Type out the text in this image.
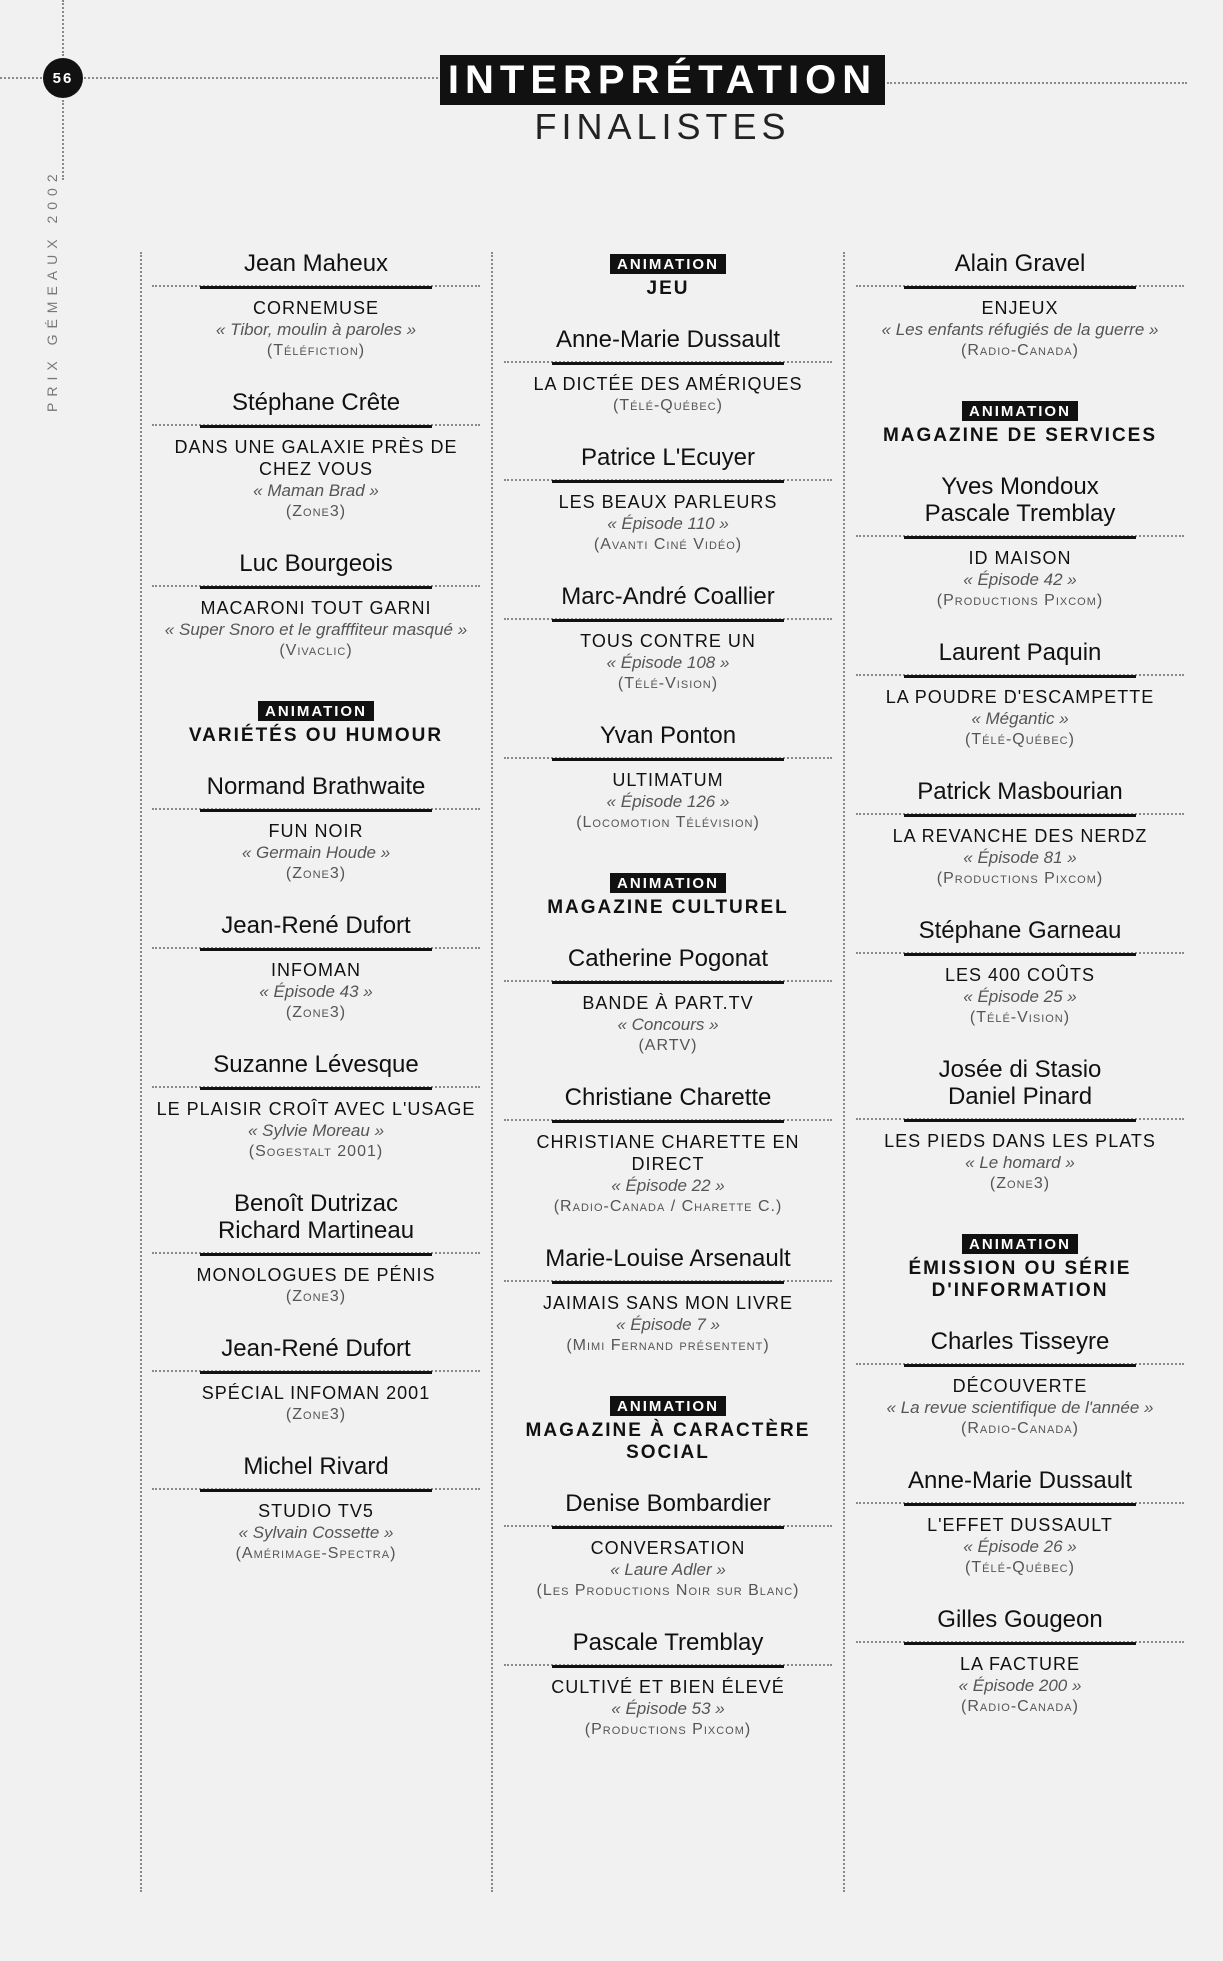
56
PRIX GÉMEAUX 2002
INTERPRÉTATION
FINALISTES
Jean Maheux
CORNEMUSE
« Tibor, moulin à paroles »
(Téléfiction)
Stéphane Crête
DANS UNE GALAXIE PRÈS DE CHEZ VOUS
« Maman Brad »
(Zone3)
Luc Bourgeois
MACARONI TOUT GARNI
« Super Snoro et le grafffiteur masqué »
(Vivaclic)
ANIMATION
VARIÉTÉS OU HUMOUR
Normand Brathwaite
FUN NOIR
« Germain Houde »
(Zone3)
Jean-René Dufort
INFOMAN
« Épisode 43 »
(Zone3)
Suzanne Lévesque
LE PLAISIR CROÎT AVEC L'USAGE
« Sylvie Moreau »
(Sogestalt 2001)
Benoît Dutrizac
Richard Martineau
MONOLOGUES DE PÉNIS
(Zone3)
Jean-René Dufort
SPÉCIAL INFOMAN 2001
(Zone3)
Michel Rivard
STUDIO TV5
« Sylvain Cossette »
(Amérimage-Spectra)
ANIMATION
JEU
Anne-Marie Dussault
LA DICTÉE DES AMÉRIQUES
(Télé-Québec)
Patrice L'Ecuyer
LES BEAUX PARLEURS
« Épisode 110 »
(Avanti Ciné Vidéo)
Marc-André Coallier
TOUS CONTRE UN
« Épisode 108 »
(Télé-Vision)
Yvan Ponton
ULTIMATUM
« Épisode 126 »
(Locomotion Télévision)
ANIMATION
MAGAZINE CULTUREL
Catherine Pogonat
BANDE À PART.TV
« Concours »
(ARTV)
Christiane Charette
CHRISTIANE CHARETTE EN DIRECT
« Épisode 22 »
(Radio-Canada / Charette C.)
Marie-Louise Arsenault
JAIMAIS SANS MON LIVRE
« Épisode 7 »
(Mimi Fernand présentent)
ANIMATION
MAGAZINE À CARACTÈRE SOCIAL
Denise Bombardier
CONVERSATION
« Laure Adler »
(Les Productions Noir sur Blanc)
Pascale Tremblay
CULTIVÉ ET BIEN ÉLEVÉ
« Épisode 53 »
(Productions Pixcom)
Alain Gravel
ENJEUX
« Les enfants réfugiés de la guerre »
(Radio-Canada)
ANIMATION
MAGAZINE DE SERVICES
Yves Mondoux
Pascale Tremblay
ID MAISON
« Épisode 42 »
(Productions Pixcom)
Laurent Paquin
LA POUDRE D'ESCAMPETTE
« Mégantic »
(Télé-Québec)
Patrick Masbourian
LA REVANCHE DES NERDZ
« Épisode 81 »
(Productions Pixcom)
Stéphane Garneau
LES 400 COÛTS
« Épisode 25 »
(Télé-Vision)
Josée di Stasio
Daniel Pinard
LES PIEDS DANS LES PLATS
« Le homard »
(Zone3)
ANIMATION
ÉMISSION OU SÉRIE D'INFORMATION
Charles Tisseyre
DÉCOUVERTE
« La revue scientifique de l'année »
(Radio-Canada)
Anne-Marie Dussault
L'EFFET DUSSAULT
« Épisode 26 »
(Télé-Québec)
Gilles Gougeon
LA FACTURE
« Épisode 200 »
(Radio-Canada)
